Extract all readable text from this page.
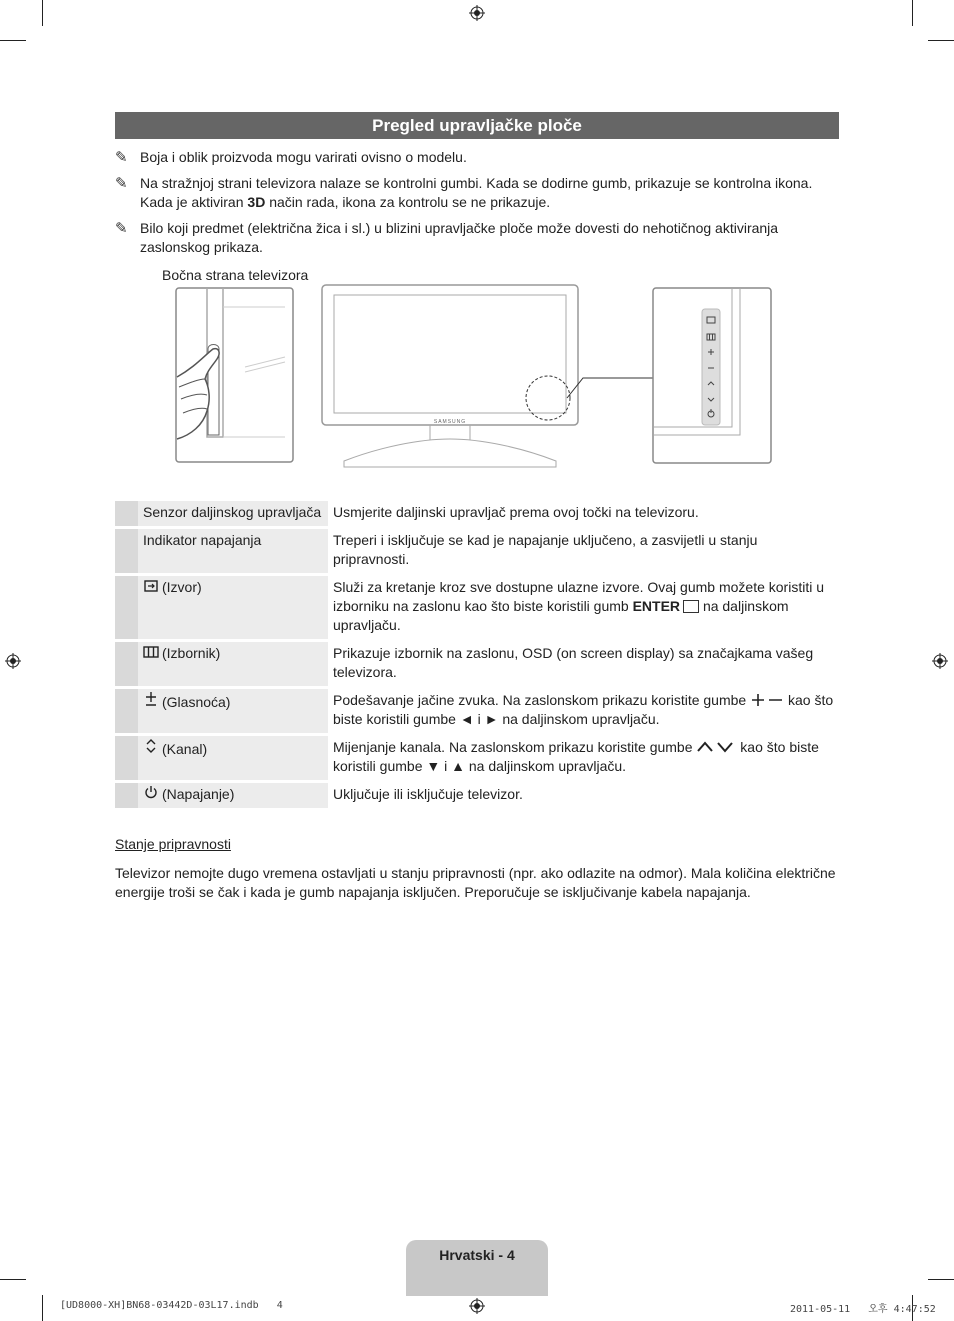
Pregled upravljačke ploče
✎ Boja i oblik proizvoda mogu varirati ovisno o modelu.
✎ Na stražnjoj strani televizora nalaze se kontrolni gumbi. Kada se dodirne gumb, prikazuje se kontrolna ikona. Kada je aktiviran 3D način rada, ikona za kontrolu se ne prikazuje.
✎ Bilo koji predmet (električna žica i sl.) u blizini upravljačke ploče može dovesti do nehotičnog aktiviranja zaslonskog prikaza.
Bočna strana televizora
SAMSUNG
	Senzor daljinskog upravljača	Usmjerite daljinski upravljač prema ovoj točki na televizoru.
	Indikator napajanja	Treperi i isključuje se kad je napajanje uključeno, a zasvijetli u stanju pripravnosti.
	(Izvor)	Služi za kretanje kroz sve dostupne ulazne izvore. Ovaj gumb možete koristiti u izborniku na zaslonu kao što biste koristili gumb ENTER na daljinskom upravljaču.
	(Izbornik)	Prikazuje izbornik na zaslonu, OSD (on screen display) sa značajkama vašeg televizora.
	(Glasnoća)	Podešavanje jačine zvuka. Na zaslonskom prikazu koristite gumbe kao što biste koristili gumbe ◄ i ► na daljinskom upravljaču.
	(Kanal)	Mijenjanje kanala. Na zaslonskom prikazu koristite gumbe kao što biste koristili gumbe ▼ i ▲ na daljinskom upravljaču.
	(Napajanje)	Uključuje ili isključuje televizor.
Stanje pripravnosti
Televizor nemojte dugo vremena ostavljati u stanju pripravnosti (npr. ako odlazite na odmor). Mala količina električne energije troši se čak i kada je gumb napajanja isključen. Preporučuje se isključivanje kabela napajanja.
Hrvatski - 4
[UD8000-XH]BN68-03442D-03L17.indb   4	2011-05-11   오후 4:47:52
